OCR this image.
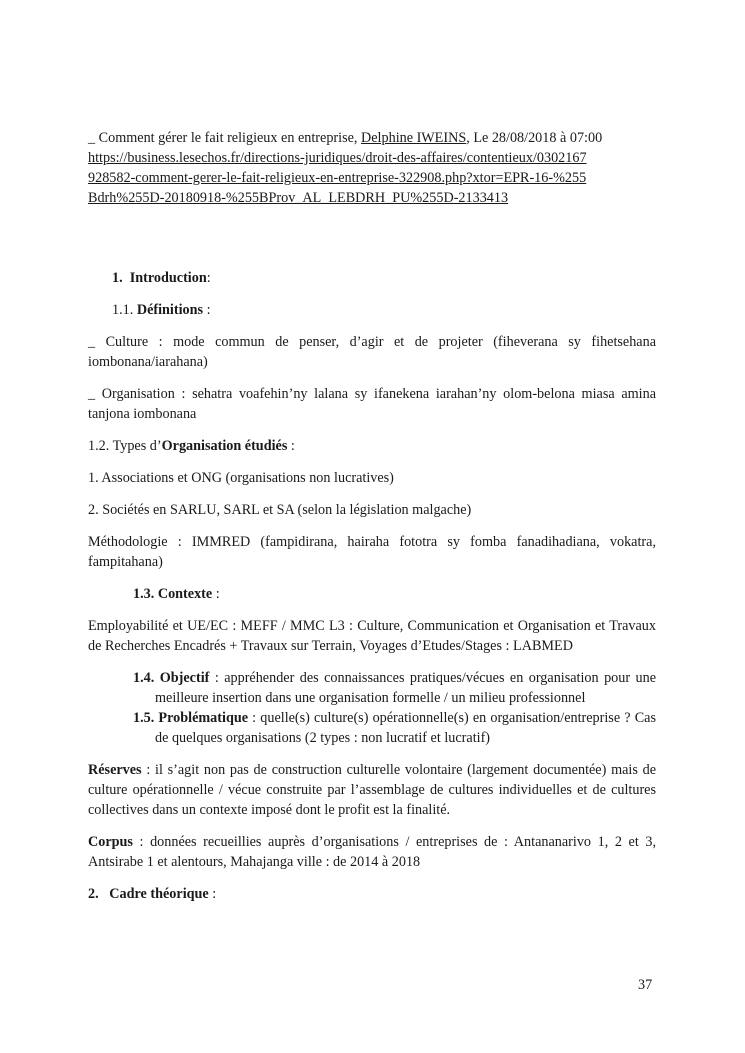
_ Comment gérer le fait religieux en entreprise, Delphine IWEINS, Le 28/08/2018 à 07:00

https://business.lesechos.fr/directions-juridiques/droit-des-affaires/contentieux/0302167928582-comment-gerer-le-fait-religieux-en-entreprise-322908.php?xtor=EPR-16-%255Bdrh%255D-20180918-%255BProv_AL_LEBDRH_PU%255D-2133413

1. Introduction:

1.1. Définitions :

_ Culture : mode commun de penser, d’agir et de projeter (fiheverana sy fihetsehana iombonana/iarahana)

_ Organisation : sehatra voafehin’ny lalana sy ifanekena iarahan’ny olom-belona miasa amina tanjona iombonana

1.2. Types d’Organisation étudiés :

1. Associations et ONG (organisations non lucratives)

2. Sociétés en SARLU, SARL et SA (selon la législation malgache)

Méthodologie : IMMRED (fampidirana, hairaha fototra sy fomba fanadihadiana, vokatra, fampitahana)

1.3. Contexte :

Employabilité et UE/EC : MEFF / MMC L3 : Culture, Communication et Organisation et Travaux de Recherches Encadrés + Travaux sur Terrain, Voyages d’Etudes/Stages : LABMED

1.4. Objectif : appréhender des connaissances pratiques/vécues en organisation pour une meilleure insertion dans une organisation formelle / un milieu professionnel

1.5. Problématique : quelle(s) culture(s) opérationnelle(s) en organisation/entreprise ? Cas de quelques organisations (2 types : non lucratif et lucratif)

Réserves : il s’agit non pas de construction culturelle volontaire (largement documentée) mais de culture opérationnelle / vécue construite par l’assemblage de cultures individuelles et de cultures collectives dans un contexte imposé dont le profit est la finalité.

Corpus : données recueillies auprès d’organisations / entreprises de : Antananarivo 1, 2 et 3, Antsirabe 1 et alentours, Mahajanga ville : de 2014 à 2018

2. Cadre théorique :

37
